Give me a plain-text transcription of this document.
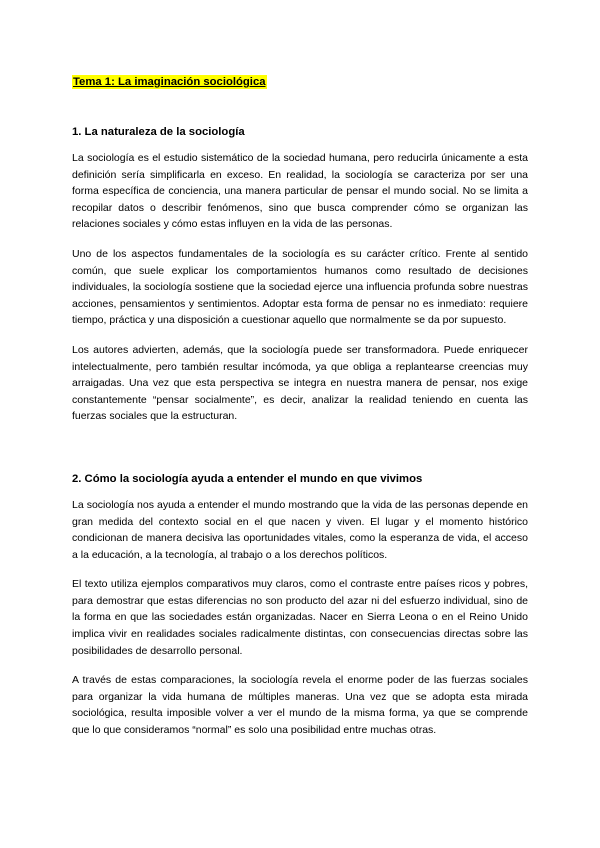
Tema 1: La imaginación sociológica
1. La naturaleza de la sociología

La sociología es el estudio sistemático de la sociedad humana, pero reducirla únicamente a esta definición sería simplificarla en exceso. En realidad, la sociología se caracteriza por ser una forma específica de conciencia, una manera particular de pensar el mundo social. No se limita a recopilar datos o describir fenómenos, sino que busca comprender cómo se organizan las relaciones sociales y cómo estas influyen en la vida de las personas.

Uno de los aspectos fundamentales de la sociología es su carácter crítico. Frente al sentido común, que suele explicar los comportamientos humanos como resultado de decisiones individuales, la sociología sostiene que la sociedad ejerce una influencia profunda sobre nuestras acciones, pensamientos y sentimientos. Adoptar esta forma de pensar no es inmediato: requiere tiempo, práctica y una disposición a cuestionar aquello que normalmente se da por supuesto.

Los autores advierten, además, que la sociología puede ser transformadora. Puede enriquecer intelectualmente, pero también resultar incómoda, ya que obliga a replantearse creencias muy arraigadas. Una vez que esta perspectiva se integra en nuestra manera de pensar, nos exige constantemente “pensar socialmente”, es decir, analizar la realidad teniendo en cuenta las fuerzas sociales que la estructuran.

2. Cómo la sociología ayuda a entender el mundo en que vivimos

La sociología nos ayuda a entender el mundo mostrando que la vida de las personas depende en gran medida del contexto social en el que nacen y viven. El lugar y el momento histórico condicionan de manera decisiva las oportunidades vitales, como la esperanza de vida, el acceso a la educación, a la tecnología, al trabajo o a los derechos políticos.

El texto utiliza ejemplos comparativos muy claros, como el contraste entre países ricos y pobres, para demostrar que estas diferencias no son producto del azar ni del esfuerzo individual, sino de la forma en que las sociedades están organizadas. Nacer en Sierra Leona o en el Reino Unido implica vivir en realidades sociales radicalmente distintas, con consecuencias directas sobre las posibilidades de desarrollo personal.

A través de estas comparaciones, la sociología revela el enorme poder de las fuerzas sociales para organizar la vida humana de múltiples maneras. Una vez que se adopta esta mirada sociológica, resulta imposible volver a ver el mundo de la misma forma, ya que se comprende que lo que consideramos “normal” es solo una posibilidad entre muchas otras.
